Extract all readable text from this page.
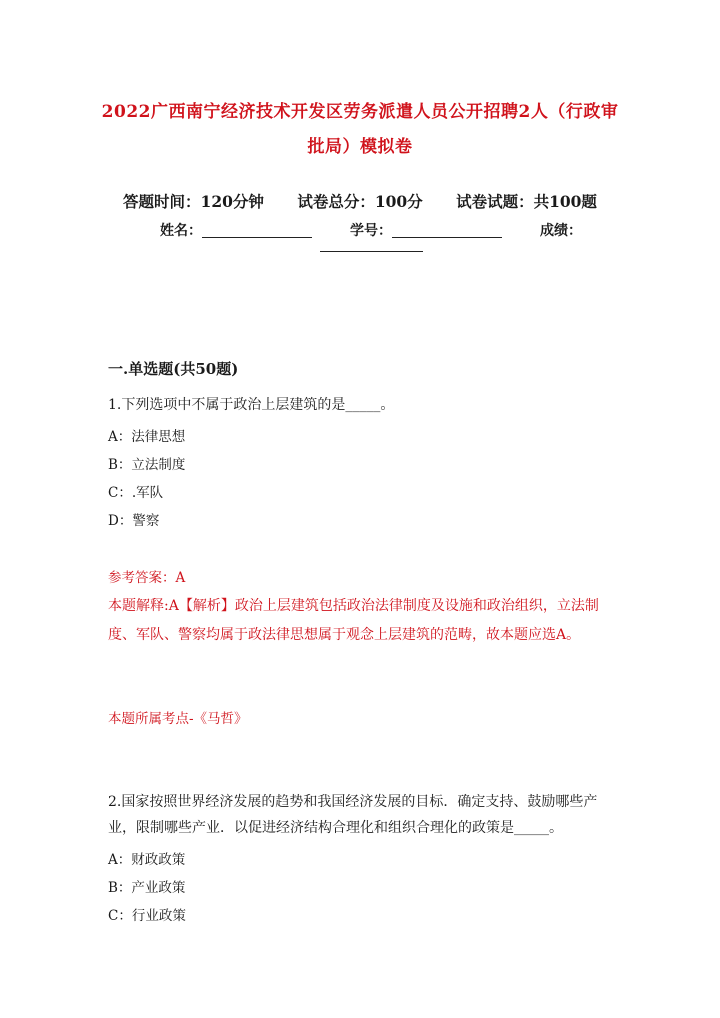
2022广西南宁经济技术开发区劳务派遣人员公开招聘2人（行政审
批局）模拟卷
答题时间：120分钟 试卷总分：100分 试卷试题：共100题
姓名：	学号：	成绩：
一.单选题(共50题)
1.下列选项中不属于政治上层建筑的是_____。
A：法律思想
B：立法制度
C：.军队
D：警察
参考答案：A
本题解释:A【解析】政治上层建筑包括政治法律制度及设施和政治组织，立法制度、军队、警察均属于政法律思想属于观念上层建筑的范畴，故本题应选A。
本题所属考点-《马哲》
2.国家按照世界经济发展的趋势和我国经济发展的目标．确定支持、鼓励哪些产业，限制哪些产业．以促进经济结构合理化和组织合理化的政策是_____。
A：财政政策
B：产业政策
C：行业政策
